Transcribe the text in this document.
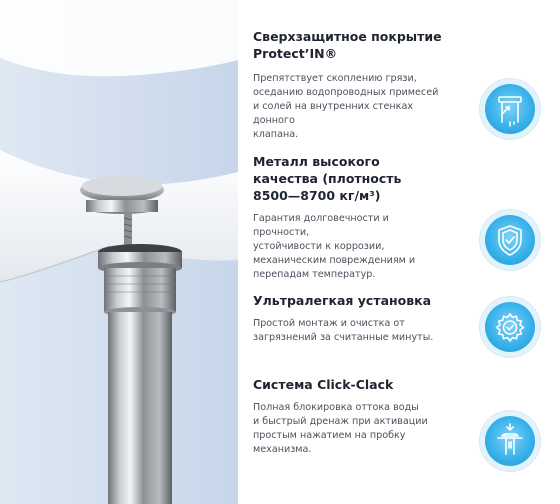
Сверхзащитное покрытие

Protect’IN®

Препятствует скоплению грязи,

оседанию водопроводных примесей

и солей на внутренних стенках донного

клапана.

Металл высокого

качества (плотность

8500—8700 кг/м³)

Гарантия долговечности и прочности,

устойчивости к коррозии,

механическим повреждениям и

перепадам температур.

Ультралегкая установка

Простой монтаж и очистка от

загрязнений за считанные минуты.

Система Click-Clack

Полная блокировка оттока воды

и быстрый дренаж при активации

простым нажатием на пробку

механизма.
